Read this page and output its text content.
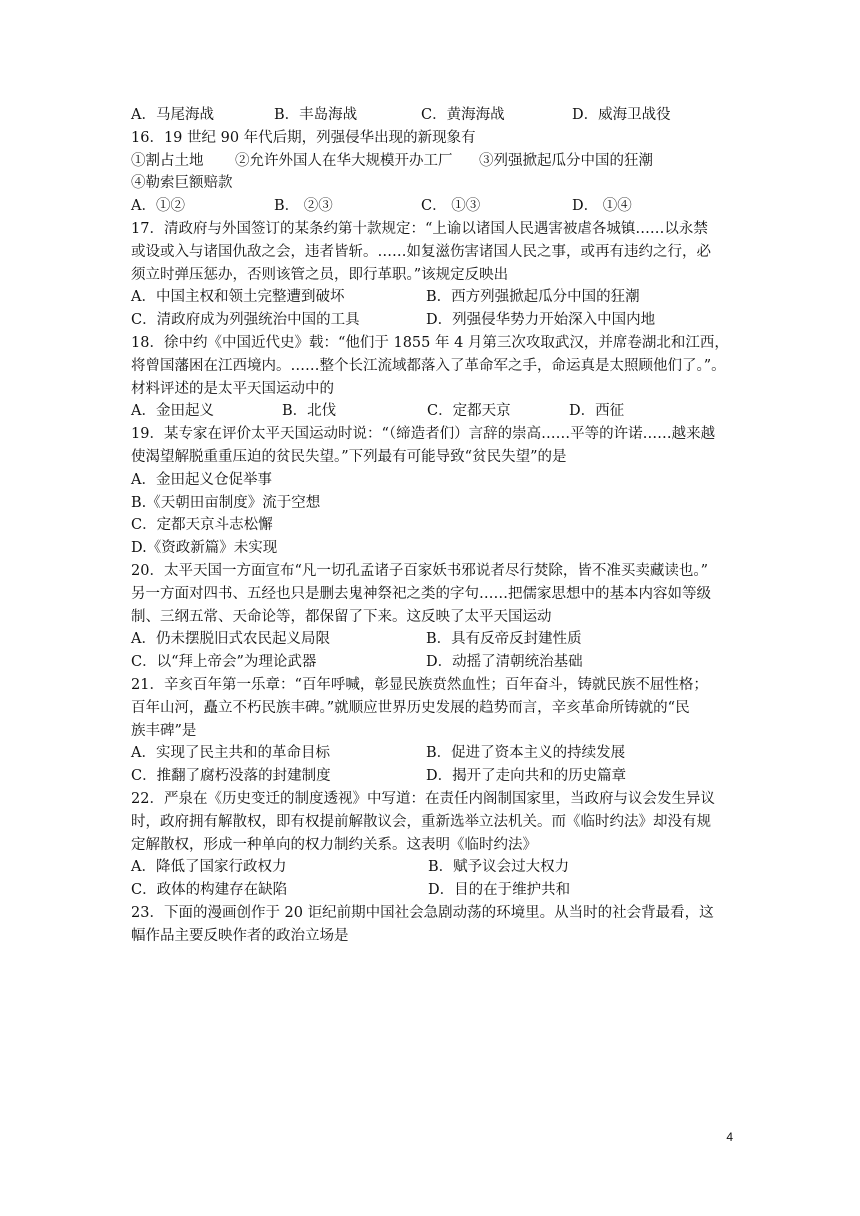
A．马尾海战	B．丰岛海战	C．黄海海战	D．威海卫战役
16．19 世纪 90 年代后期，列强侵华出现的新现象有
①割占土地 ②允许外国人在华大规模开办工厂 ③列强掀起瓜分中国的狂潮
④勒索巨额赔款
A．①②	B． ②③	C． ①③	D． ①④
17．清政府与外国签订的某条约第十款规定：“上谕以诸国人民遇害被虐各城镇……以永禁
或设或入与诸国仇敌之会，违者皆斩。……如复滋伤害诸国人民之事，或再有违约之行，必
须立时弹压惩办，否则该管之员，即行革职。”该规定反映出
A．中国主权和领土完整遭到破坏	B．西方列强掀起瓜分中国的狂潮
C．清政府成为列强统治中国的工具	D．列强侵华势力开始深入中国内地
18．徐中约《中国近代史》载：“他们于 1855 年 4 月第三次攻取武汉，并席卷湖北和江西，
将曾国藩困在江西境内。……整个长江流域都落入了革命军之手，命运真是太照顾他们了。”。
材料评述的是太平天国运动中的
A．金田起义	B．北伐	C．定都天京	D．西征
19．某专家在评价太平天国运动时说：“（缔造者们）言辞的崇高……平等的许诺……越来越
使渴望解脱重重压迫的贫民失望。”下列最有可能导致“贫民失望”的是
A．金田起义仓促举事
B.《天朝田亩制度》流于空想
C．定都天京斗志松懈
D.《资政新篇》未实现
20．太平天国一方面宣布“凡一切孔孟诸子百家妖书邪说者尽行焚除，皆不准买卖藏读也。”
另一方面对四书、五经也只是删去鬼神祭祀之类的字句……把儒家思想中的基本内容如等级
制、三纲五常、天命论等，都保留了下来。这反映了太平天国运动
A．仍未摆脱旧式农民起义局限	B．具有反帝反封建性质
C．以“拜上帝会”为理论武器	D．动摇了清朝统治基础
21．辛亥百年第一乐章：“百年呼喊，彰显民族贲然血性；百年奋斗，铸就民族不屈性格；
百年山河，矗立不朽民族丰碑。”就顺应世界历史发展的趋势而言，辛亥革命所铸就的“民
族丰碑”是
A．实现了民主共和的革命目标	B．促进了资本主义的持续发展
C．推翻了腐朽没落的封建制度	D．揭开了走向共和的历史篇章
22．严泉在《历史变迁的制度透视》中写道：在责任内阁制国家里，当政府与议会发生异议
时，政府拥有解散权，即有权提前解散议会，重新选举立法机关。而《临时约法》却没有规
定解散权，形成一种单向的权力制约关系。这表明《临时约法》
A．降低了国家行政权力	B．赋予议会过大权力
C．政体的构建存在缺陷	D．目的在于维护共和
23．下面的漫画创作于 20 讵纪前期中国社会急剧动荡的环境里。从当时的社会背最看，这
幅作品主要反映作者的政治立场是
4
